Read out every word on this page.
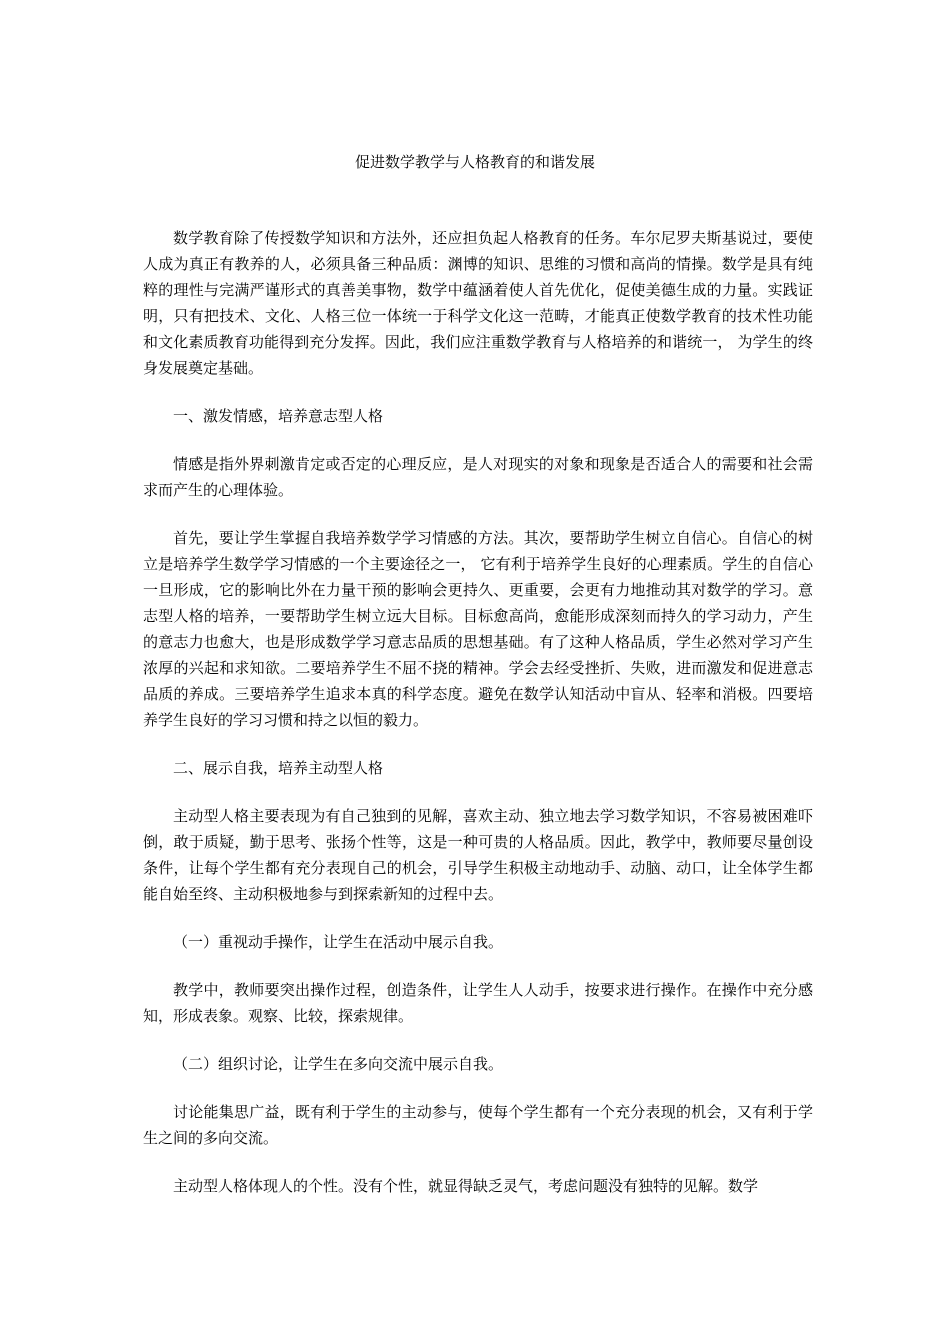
促进数学教学与人格教育的和谐发展

数学教育除了传授数学知识和方法外，还应担负起人格教育的任务。车尔尼罗夫斯基说过，要使人成为真正有教养的人，必须具备三种品质：渊博的知识、思维的习惯和高尚的情操。数学是具有纯粹的理性与完满严谨形式的真善美事物，数学中蕴涵着使人首先优化，促使美德生成的力量。实践证明，只有把技术、文化、人格三位一体统一于科学文化这一范畴，才能真正使数学教育的技术性功能和文化素质教育功能得到充分发挥。因此，我们应注重数学教育与人格培养的和谐统一， 为学生的终身发展奠定基础。

一、激发情感，培养意志型人格

情感是指外界刺激肯定或否定的心理反应，是人对现实的对象和现象是否适合人的需要和社会需求而产生的心理体验。

首先，要让学生掌握自我培养数学学习情感的方法。其次，要帮助学生树立自信心。自信心的树立是培养学生数学学习情感的一个主要途径之一， 它有利于培养学生良好的心理素质。学生的自信心一旦形成，它的影响比外在力量干预的影响会更持久、更重要，会更有力地推动其对数学的学习。意志型人格的培养，一要帮助学生树立远大目标。目标愈高尚，愈能形成深刻而持久的学习动力，产生的意志力也愈大，也是形成数学学习意志品质的思想基础。有了这种人格品质，学生必然对学习产生浓厚的兴起和求知欲。二要培养学生不屈不挠的精神。学会去经受挫折、失败，进而激发和促进意志品质的养成。三要培养学生追求本真的科学态度。避免在数学认知活动中盲从、轻率和消极。四要培养学生良好的学习习惯和持之以恒的毅力。

二、展示自我，培养主动型人格

主动型人格主要表现为有自己独到的见解，喜欢主动、独立地去学习数学知识，不容易被困难吓倒，敢于质疑，勤于思考、张扬个性等，这是一种可贵的人格品质。因此，教学中，教师要尽量创设条件，让每个学生都有充分表现自己的机会，引导学生积极主动地动手、动脑、动口，让全体学生都能自始至终、主动积极地参与到探索新知的过程中去。

（一）重视动手操作，让学生在活动中展示自我。

教学中，教师要突出操作过程，创造条件，让学生人人动手，按要求进行操作。在操作中充分感知，形成表象。观察、比较，探索规律。

（二）组织讨论，让学生在多向交流中展示自我。

讨论能集思广益，既有利于学生的主动参与，使每个学生都有一个充分表现的机会，又有利于学生之间的多向交流。

主动型人格体现人的个性。没有个性，就显得缺乏灵气，考虑问题没有独特的见解。数学
